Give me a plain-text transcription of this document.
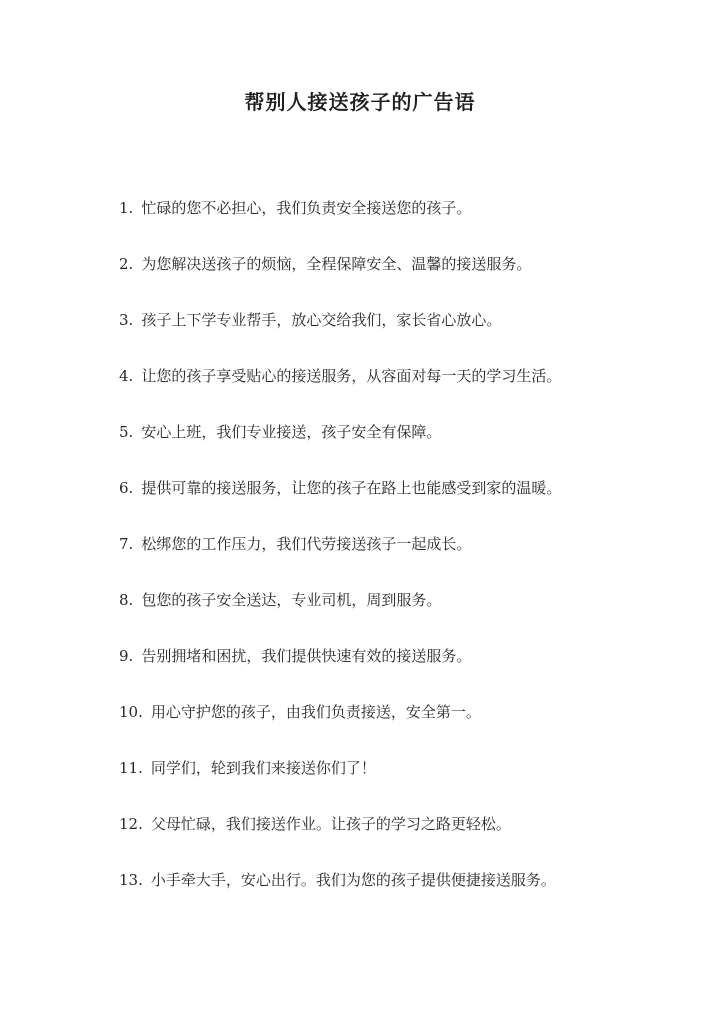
帮别人接送孩子的广告语
1. 忙碌的您不必担心，我们负责安全接送您的孩子。
2. 为您解决送孩子的烦恼，全程保障安全、温馨的接送服务。
3. 孩子上下学专业帮手，放心交给我们，家长省心放心。
4. 让您的孩子享受贴心的接送服务，从容面对每一天的学习生活。
5. 安心上班，我们专业接送，孩子安全有保障。
6. 提供可靠的接送服务，让您的孩子在路上也能感受到家的温暖。
7. 松绑您的工作压力，我们代劳接送孩子一起成长。
8. 包您的孩子安全送达，专业司机，周到服务。
9. 告别拥堵和困扰，我们提供快速有效的接送服务。
10. 用心守护您的孩子，由我们负责接送，安全第一。
11. 同学们，轮到我们来接送你们了！
12. 父母忙碌，我们接送作业。让孩子的学习之路更轻松。
13. 小手牵大手，安心出行。我们为您的孩子提供便捷接送服务。
